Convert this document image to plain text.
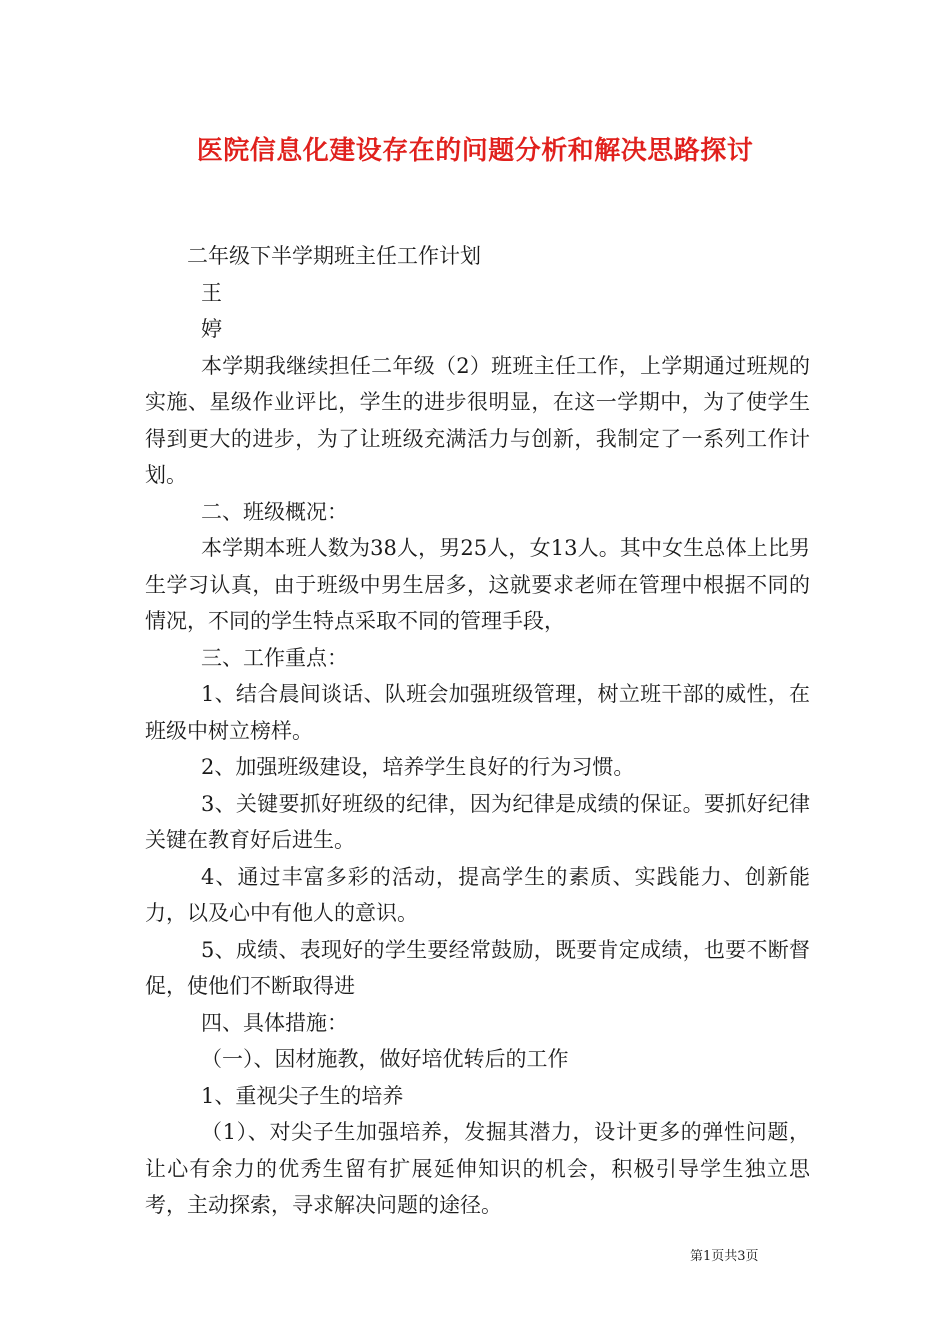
医院信息化建设存在的问题分析和解决思路探讨

二年级下半学期班主任工作计划

王

婷

本学期我继续担任二年级（2）班班主任工作，上学期通过班规的实施、星级作业评比，学生的进步很明显，在这一学期中，为了使学生得到更大的进步，为了让班级充满活力与创新，我制定了一系列工作计划。

二、班级概况：

本学期本班人数为38人，男25人，女13人。其中女生总体上比男生学习认真，由于班级中男生居多，这就要求老师在管理中根据不同的情况，不同的学生特点采取不同的管理手段，

三、工作重点：

1、结合晨间谈话、队班会加强班级管理，树立班干部的威性，在班级中树立榜样。

2、加强班级建设，培养学生良好的行为习惯。

3、关键要抓好班级的纪律，因为纪律是成绩的保证。要抓好纪律关键在教育好后进生。

4、通过丰富多彩的活动，提高学生的素质、实践能力、创新能力，以及心中有他人的意识。

5、成绩、表现好的学生要经常鼓励，既要肯定成绩，也要不断督促，使他们不断取得进

四、具体措施：

（一）、因材施教，做好培优转后的工作

1、重视尖子生的培养

（1）、对尖子生加强培养，发掘其潜力，设计更多的弹性问题，让心有余力的优秀生留有扩展延伸知识的机会，积极引导学生独立思考，主动探索，寻求解决问题的途径。

第1页共3页
